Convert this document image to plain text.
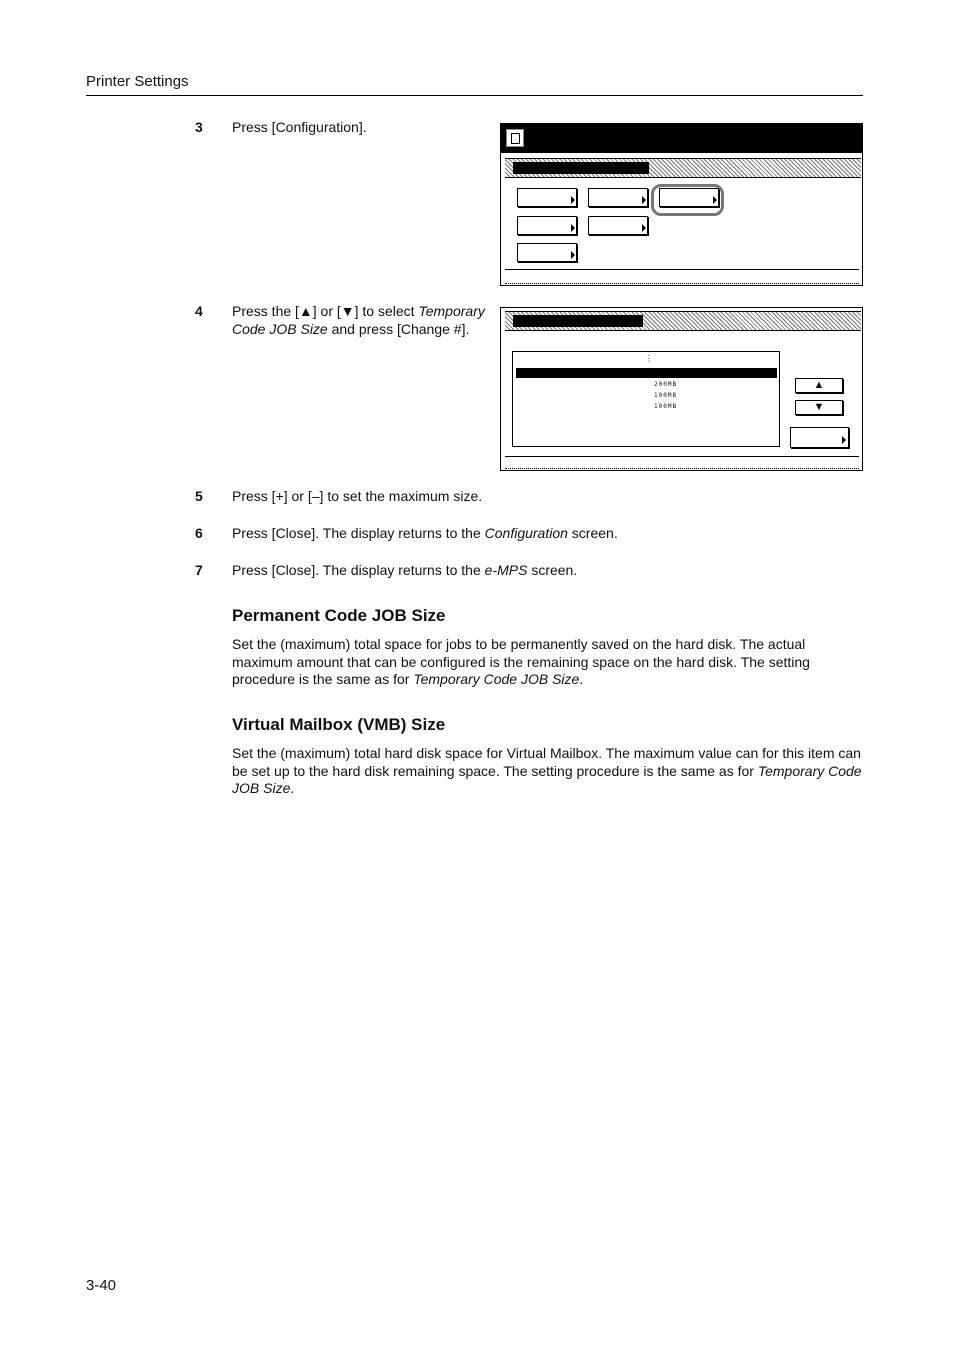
Printer Settings
3 Press [Configuration].
4 Press the [▲] or [▼] to select Temporary Code JOB Size and press [Change #].
⋮
200MB
100MB
100MB
▲
▼
5 Press [+] or [–] to set the maximum size.
6 Press [Close]. The display returns to the Configuration screen.
7 Press [Close]. The display returns to the e-MPS screen.
Permanent Code JOB Size
Set the (maximum) total space for jobs to be permanently saved on the hard disk. The actual maximum amount that can be configured is the remaining space on the hard disk. The setting procedure is the same as for Temporary Code JOB Size.
Virtual Mailbox (VMB) Size
Set the (maximum) total hard disk space for Virtual Mailbox. The maximum value can for this item can be set up to the hard disk remaining space. The setting procedure is the same as for Temporary Code JOB Size.
3-40
